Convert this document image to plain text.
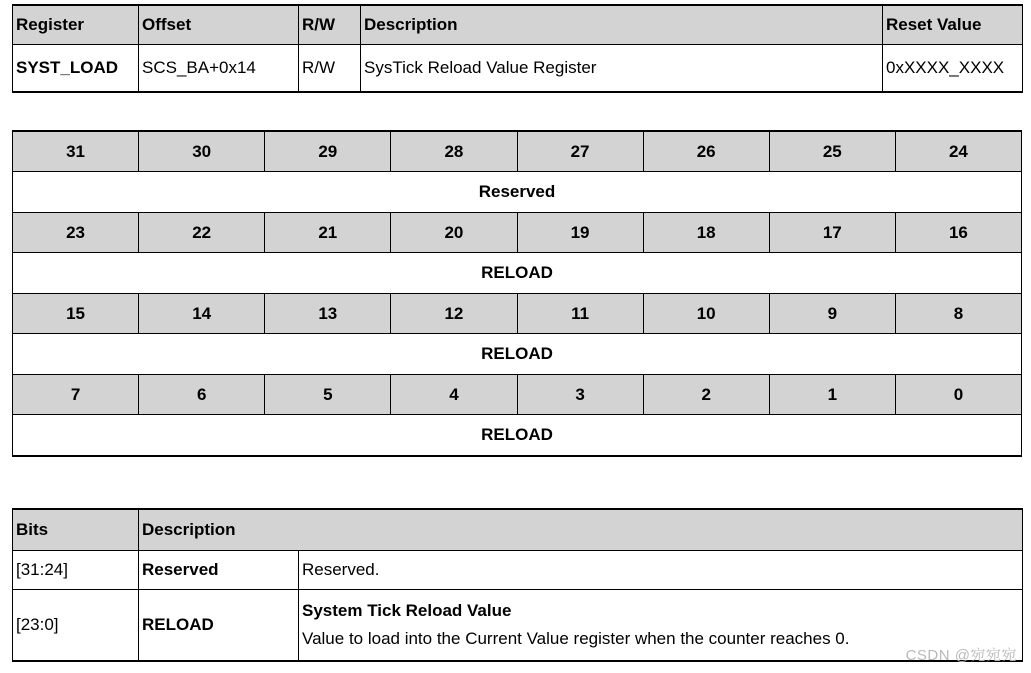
Register	Offset	R/W	Description	Reset Value
SYST_LOAD	SCS_BA+0x14	R/W	SysTick Reload Value Register	0xXXXX_XXXX
31	30	29	28	27	26	25	24
Reserved							
23	22	21	20	19	18	17	16
RELOAD							
15	14	13	12	11	10	9	8
RELOAD							
7	6	5	4	3	2	1	0
RELOAD							
Bits	Description	
[31:24]	Reserved	Reserved.
[23:0]	RELOAD	System Tick Reload Value
Value to load into the Current Value register when the counter reaches 0.
CSDN @宛宛宛
